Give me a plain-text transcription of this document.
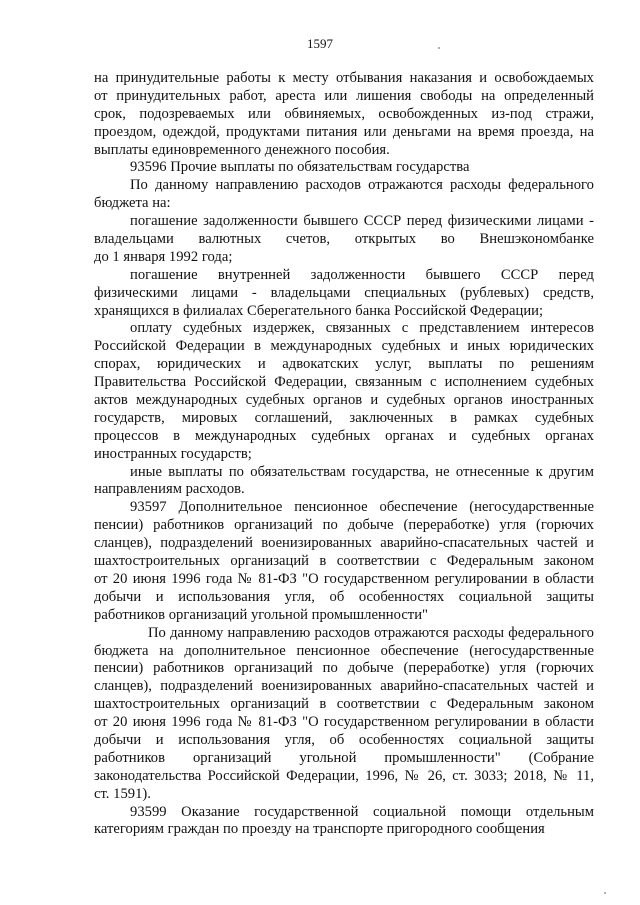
1597
на принудительные работы к месту отбывания наказания и освобождаемых
от принудительных работ, ареста или лишения свободы на определенный
срок, подозреваемых или обвиняемых, освобожденных из-под стражи,
проездом, одеждой, продуктами питания или деньгами на время проезда, на
выплаты единовременного денежного пособия.
93596 Прочие выплаты по обязательствам государства
По данному направлению расходов отражаются расходы федерального
бюджета на:
погашение задолженности бывшего СССР перед физическими лицами -
владельцами валютных счетов, открытых во Внешэкономбанке
до 1 января 1992 года;
погашение внутренней задолженности бывшего СССР перед
физическими лицами - владельцами специальных (рублевых) средств,
хранящихся в филиалах Сберегательного банка Российской Федерации;
оплату судебных издержек, связанных с представлением интересов
Российской Федерации в международных судебных и иных юридических
спорах, юридических и адвокатских услуг, выплаты по решениям
Правительства Российской Федерации, связанным с исполнением судебных
актов международных судебных органов и судебных органов иностранных
государств, мировых соглашений, заключенных в рамках судебных
процессов в международных судебных органах и судебных органах
иностранных государств;
иные выплаты по обязательствам государства, не отнесенные к другим
направлениям расходов.
93597 Дополнительное пенсионное обеспечение (негосударственные
пенсии) работников организаций по добыче (переработке) угля (горючих
сланцев), подразделений военизированных аварийно-спасательных частей и
шахтостроительных организаций в соответствии с Федеральным законом
от 20 июня 1996 года № 81-ФЗ "О государственном регулировании в области
добычи и использования угля, об особенностях социальной защиты
работников организаций угольной промышленности"
По данному направлению расходов отражаются расходы федерального
бюджета на дополнительное пенсионное обеспечение (негосударственные
пенсии) работников организаций по добыче (переработке) угля (горючих
сланцев), подразделений военизированных аварийно-спасательных частей и
шахтостроительных организаций в соответствии с Федеральным законом
от 20 июня 1996 года № 81-ФЗ "О государственном регулировании в области
добычи и использования угля, об особенностях социальной защиты
работников организаций угольной промышленности" (Собрание
законодательства Российской Федерации, 1996, № 26, ст. 3033; 2018, № 11,
ст. 1591).
93599 Оказание государственной социальной помощи отдельным
категориям граждан по проезду на транспорте пригородного сообщения
